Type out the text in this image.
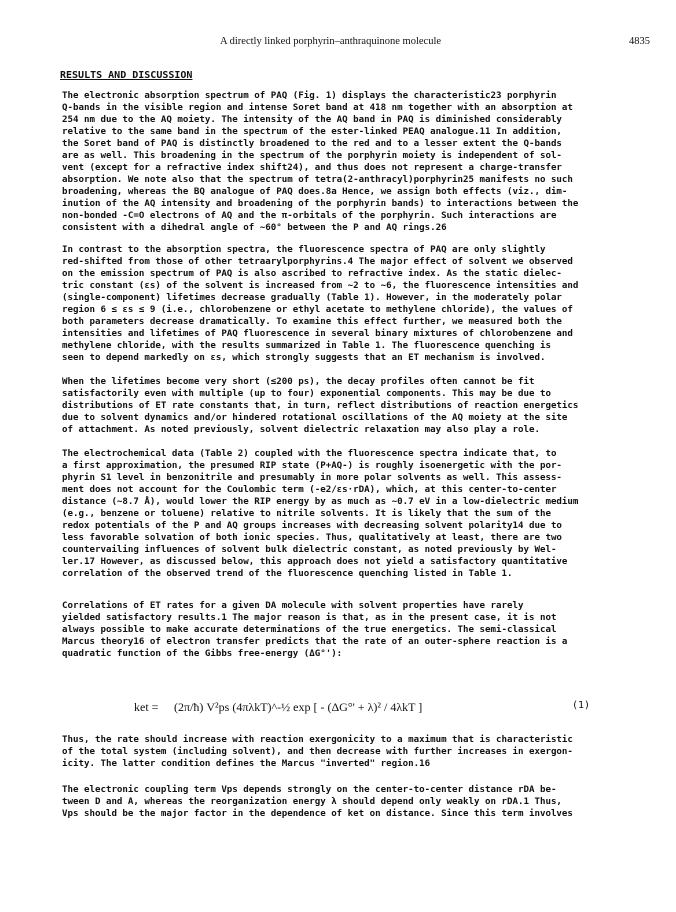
A directly linked porphyrin–anthraquinone molecule	4835
RESULTS AND DISCUSSION
The electronic absorption spectrum of PAQ (Fig. 1) displays the characteristic23 porphyrin
Q-bands in the visible region and intense Soret band at 418 nm together with an absorption at
254 nm due to the AQ moiety. The intensity of the AQ band in PAQ is diminished considerably
relative to the same band in the spectrum of the ester-linked PEAQ analogue.11 In addition,
the Soret band of PAQ is distinctly broadened to the red and to a lesser extent the Q-bands
are as well. This broadening in the spectrum of the porphyrin moiety is independent of sol-
vent (except for a refractive index shift24), and thus does not represent a charge-transfer
absorption. We note also that the spectrum of tetra(2-anthracyl)porphyrin25 manifests no such
broadening, whereas the BQ analogue of PAQ does.8a Hence, we assign both effects (viz., dim-
inution of the AQ intensity and broadening of the porphyrin bands) to interactions between the
non-bonded -C=O electrons of AQ and the π-orbitals of the porphyrin. Such interactions are
consistent with a dihedral angle of ~60° between the P and AQ rings.26
In contrast to the absorption spectra, the fluorescence spectra of PAQ are only slightly
red-shifted from those of other tetraarylporphyrins.4 The major effect of solvent we observed
on the emission spectrum of PAQ is also ascribed to refractive index. As the static dielec-
tric constant (εs) of the solvent is increased from ~2 to ~6, the fluorescence intensities and
(single-component) lifetimes decrease gradually (Table 1). However, in the moderately polar
region 6 ≤ εs ≤ 9 (i.e., chlorobenzene or ethyl acetate to methylene chloride), the values of
both parameters decrease dramatically. To examine this effect further, we measured both the
intensities and lifetimes of PAQ fluorescence in several binary mixtures of chlorobenzene and
methylene chloride, with the results summarized in Table 1. The fluorescence quenching is
seen to depend markedly on εs, which strongly suggests that an ET mechanism is involved.
When the lifetimes become very short (≤200 ps), the decay profiles often cannot be fit
satisfactorily even with multiple (up to four) exponential components. This may be due to
distributions of ET rate constants that, in turn, reflect distributions of reaction energetics
due to solvent dynamics and/or hindered rotational oscillations of the AQ moiety at the site
of attachment. As noted previously, solvent dielectric relaxation may also play a role.
The electrochemical data (Table 2) coupled with the fluorescence spectra indicate that, to
a first approximation, the presumed RIP state (P+AQ-) is roughly isoenergetic with the por-
phyrin S1 level in benzonitrile and presumably in more polar solvents as well. This assess-
ment does not account for the Coulombic term (-e2/εs·rDA), which, at this center-to-center
distance (~8.7 Å), would lower the RIP energy by as much as ~0.7 eV in a low-dielectric medium
(e.g., benzene or toluene) relative to nitrile solvents. It is likely that the sum of the
redox potentials of the P and AQ groups increases with decreasing solvent polarity14 due to
less favorable solvation of both ionic species. Thus, qualitatively at least, there are two
countervailing influences of solvent bulk dielectric constant, as noted previously by Wel-
ler.17 However, as discussed below, this approach does not yield a satisfactory quantitative
correlation of the observed trend of the fluorescence quenching listed in Table 1.
Correlations of ET rates for a given DA molecule with solvent properties have rarely
yielded satisfactory results.1 The major reason is that, as in the present case, it is not
always possible to make accurate determinations of the true energetics. The semi-classical
Marcus theory16 of electron transfer predicts that the rate of an outer-sphere reaction is a
quadratic function of the Gibbs free-energy (ΔG°'):
ket = (2π/ħ) V²ps (4πλkT)^-½ exp [ - (ΔG°' + λ)² / 4λkT ]	(1)
Thus, the rate should increase with reaction exergonicity to a maximum that is characteristic
of the total system (including solvent), and then decrease with further increases in exergon-
icity. The latter condition defines the Marcus "inverted" region.16
The electronic coupling term Vps depends strongly on the center-to-center distance rDA be-
tween D and A, whereas the reorganization energy λ should depend only weakly on rDA.1 Thus,
Vps should be the major factor in the dependence of ket on distance. Since this term involves
